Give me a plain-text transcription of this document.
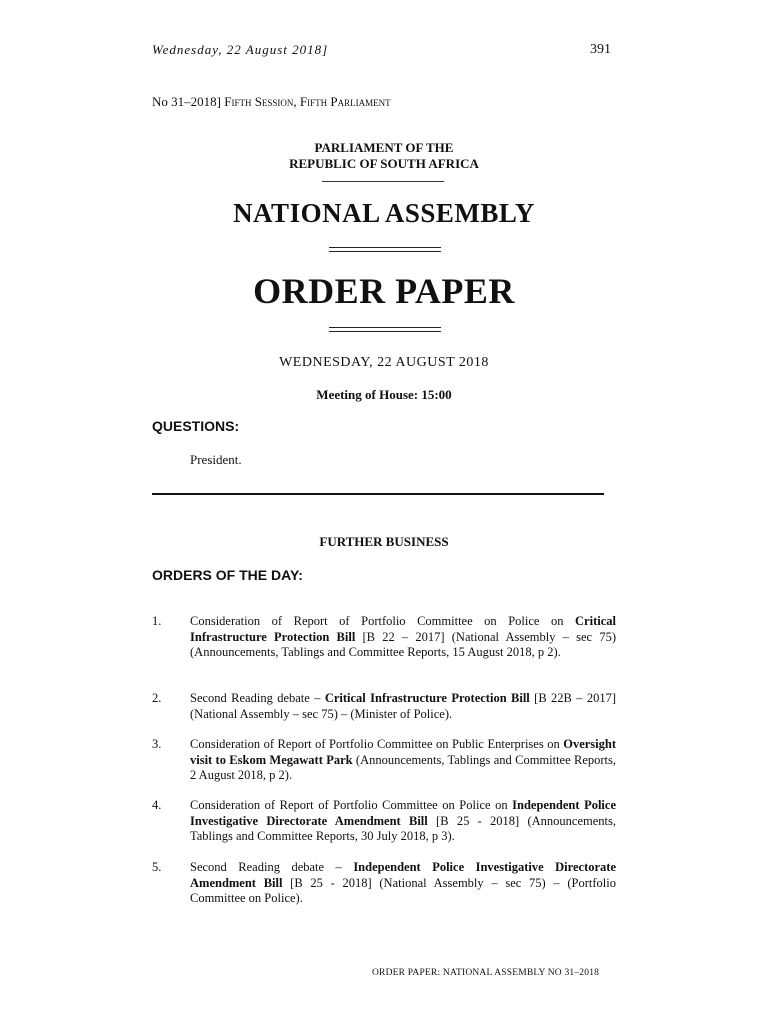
Wednesday, 22 August 2018]	391
No 31–2018] Fifth Session, Fifth Parliament
PARLIAMENT OF THE
REPUBLIC OF SOUTH AFRICA
NATIONAL ASSEMBLY
ORDER PAPER
WEDNESDAY, 22 AUGUST 2018
Meeting of House: 15:00
QUESTIONS:
President.
FURTHER BUSINESS
ORDERS OF THE DAY:
1.	Consideration of Report of Portfolio Committee on Police on Critical Infrastructure Protection Bill [B 22 – 2017] (National Assembly – sec 75) (Announcements, Tablings and Committee Reports, 15 August 2018, p 2).
2.	Second Reading debate – Critical Infrastructure Protection Bill [B 22B – 2017] (National Assembly – sec 75) – (Minister of Police).
3.	Consideration of Report of Portfolio Committee on Public Enterprises on Oversight visit to Eskom Megawatt Park (Announcements, Tablings and Committee Reports, 2 August 2018, p 2).
4.	Consideration of Report of Portfolio Committee on Police on Independent Police Investigative Directorate Amendment Bill [B 25 - 2018] (Announcements, Tablings and Committee Reports, 30 July 2018, p 3).
5.	Second Reading debate – Independent Police Investigative Directorate Amendment Bill [B 25 - 2018] (National Assembly – sec 75) – (Portfolio Committee on Police).
ORDER PAPER: NATIONAL ASSEMBLY NO 31–2018
